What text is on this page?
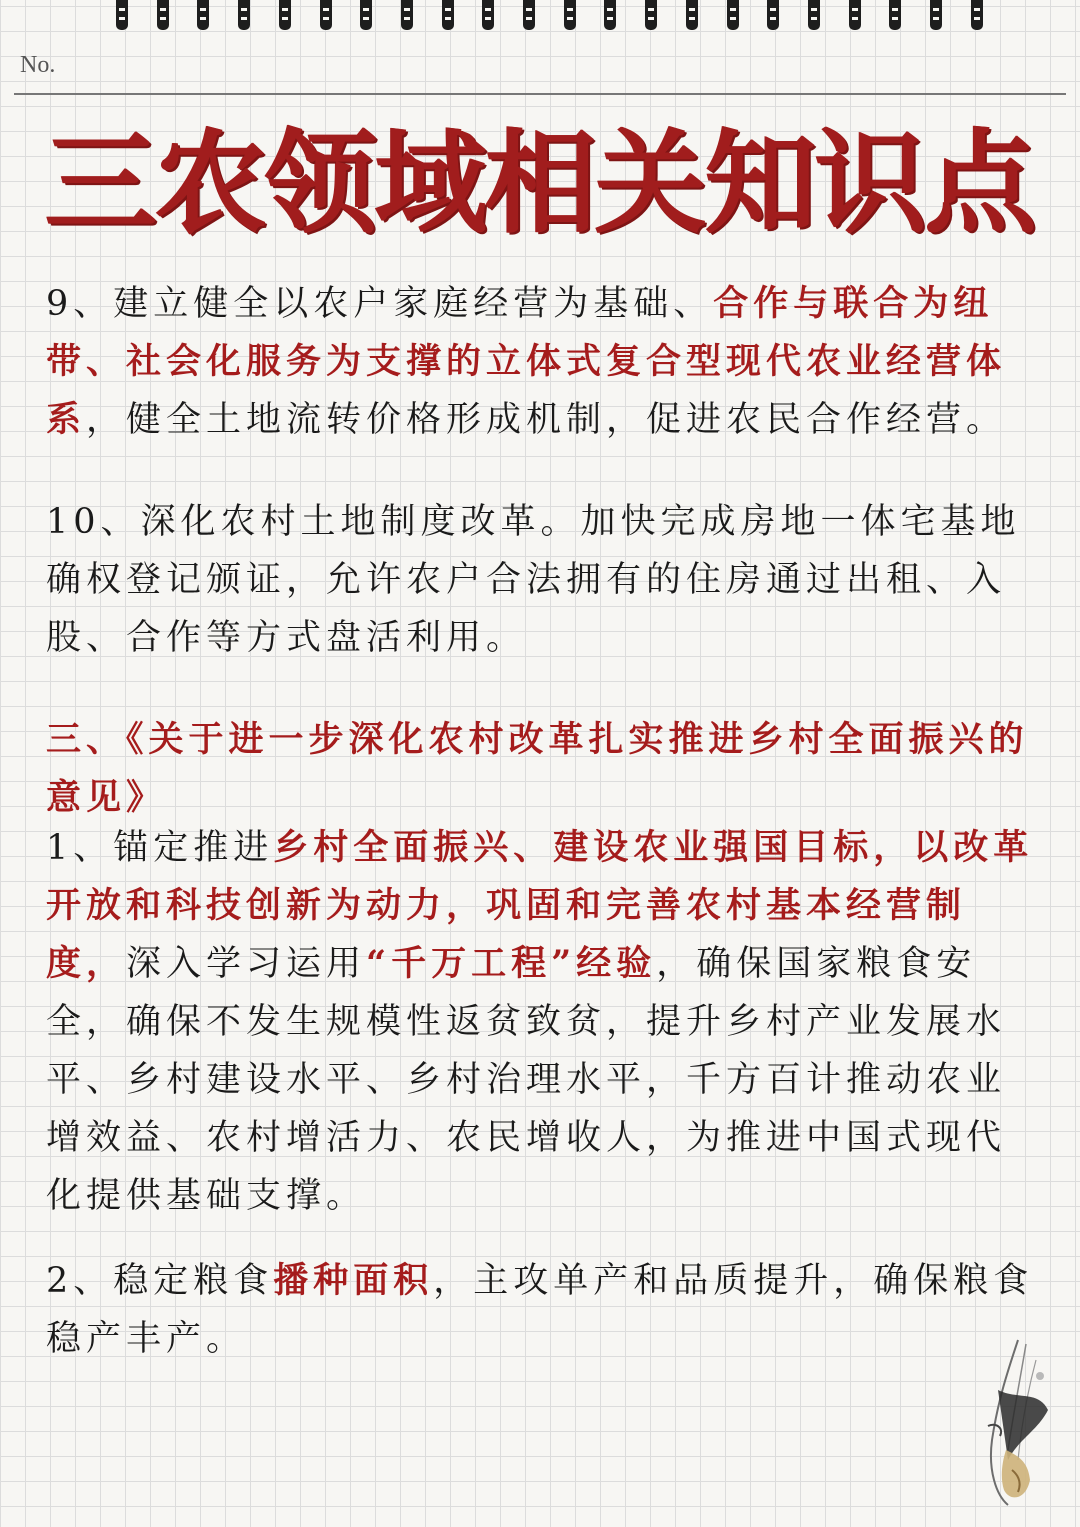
No.
三农领域相关知识点

9、建立健全以农户家庭经营为基础、合作与联合为纽带、社会化服务为支撑的立体式复合型现代农业经营体系，健全土地流转价格形成机制，促进农民合作经营。

10、深化农村土地制度改革。加快完成房地一体宅基地确权登记颁证，允许农户合法拥有的住房通过出租、入股、合作等方式盘活利用。

三、《关于进一步深化农村改革扎实推进乡村全面振兴的意见》

1、锚定推进乡村全面振兴、建设农业强国目标，以改革开放和科技创新为动力，巩固和完善农村基本经营制度，深入学习运用“千万工程”经验，确保国家粮食安全，确保不发生规模性返贫致贫，提升乡村产业发展水平、乡村建设水平、乡村治理水平，千方百计推动农业增效益、农村增活力、农民增收人，为推进中国式现代化提供基础支撑。

2、稳定粮食播种面积，主攻单产和品质提升，确保粮食稳产丰产。
